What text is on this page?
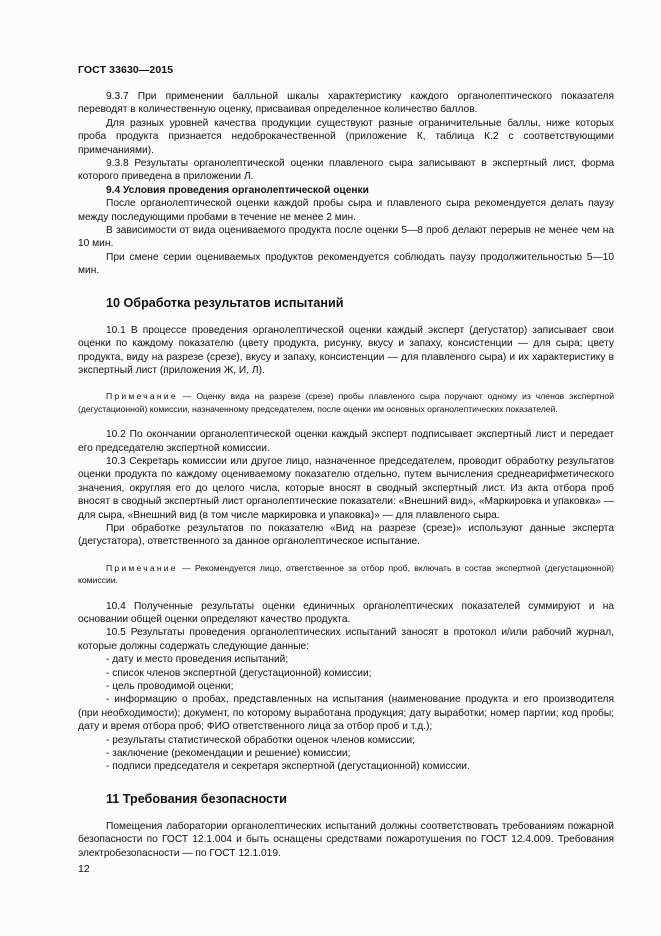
ГОСТ 33630—2015

9.3.7 При применении балльной шкалы характеристику каждого органолептического показателя переводят в количественную оценку, присваивая определенное количество баллов.

Для разных уровней качества продукции существуют разные ограничительные баллы, ниже которых проба продукта признается недоброкачественной (приложение К, таблица К.2 с соответствующими примечаниями).

9.3.8 Результаты органолептической оценки плавленого сыра записывают в экспертный лист, форма которого приведена в приложении Л.

9.4 Условия проведения органолептической оценки

После органолептической оценки каждой пробы сыра и плавленого сыра рекомендуется делать паузу между последующими пробами в течение не менее 2 мин.

В зависимости от вида оцениваемого продукта после оценки 5—8 проб делают перерыв не менее чем на 10 мин.

При смене серии оцениваемых продуктов рекомендуется соблюдать паузу продолжительностью 5—10 мин.

10 Обработка результатов испытаний

10.1 В процессе проведения органолептической оценки каждый эксперт (дегустатор) записывает свои оценки по каждому показателю (цвету продукта, рисунку, вкусу и запаху, консистенции — для сыра; цвету продукта, виду на разрезе (срезе), вкусу и запаху, консистенции — для плавленого сыра) и их характеристику в экспертный лист (приложения Ж, И, Л).

Примечание — Оценку вида на разрезе (срезе) пробы плавленого сыра поручают одному из членов экспертной (дегустационной) комиссии, назначенному председателем, после оценки им основных органолептических показателей.

10.2 По окончании органолептической оценки каждый эксперт подписывает экспертный лист и передает его председателю экспертной комиссии.

10.3 Секретарь комиссии или другое лицо, назначенное председателем, проводит обработку результатов оценки продукта по каждому оцениваемому показателю отдельно, путем вычисления среднеарифметического значения, округляя его до целого числа, которые вносят в сводный экспертный лист. Из акта отбора проб вносят в сводный экспертный лист органолептические показатели: «Внешний вид», «Маркировка и упаковка» — для сыра, «Внешний вид (в том числе маркировка и упаковка)» — для плавленого сыра.

При обработке результатов по показателю «Вид на разрезе (срезе)» используют данные эксперта (дегустатора), ответственного за данное органолептическое испытание.

Примечание — Рекомендуется лицо, ответственное за отбор проб, включать в состав экспертной (дегустационной) комиссии.

10.4 Полученные результаты оценки единичных органолептических показателей суммируют и на основании общей оценки определяют качество продукта.

10.5 Результаты проведения органолептических испытаний заносят в протокол и/или рабочий журнал, которые должны содержать следующие данные:

- дату и место проведения испытаний;

- список членов экспертной (дегустационной) комиссии;

- цель проводимой оценки;

- информацию о пробах, представленных на испытания (наименование продукта и его производителя (при необходимости); документ, по которому выработана продукция; дату выработки; номер партии; код пробы; дату и время отбора проб; ФИО ответственного лица за отбор проб и т.д.);

- результаты статистической обработки оценок членов комиссии;

- заключение (рекомендации и решение) комиссии;

- подписи председателя и секретаря экспертной (дегустационной) комиссии.

11 Требования безопасности

Помещения лаборатории органолептических испытаний должны соответствовать требованиям пожарной безопасности по ГОСТ 12.1.004 и быть оснащены средствами пожаротушения по ГОСТ 12.4.009. Требования электробезопасности — по ГОСТ 12.1.019.

12
